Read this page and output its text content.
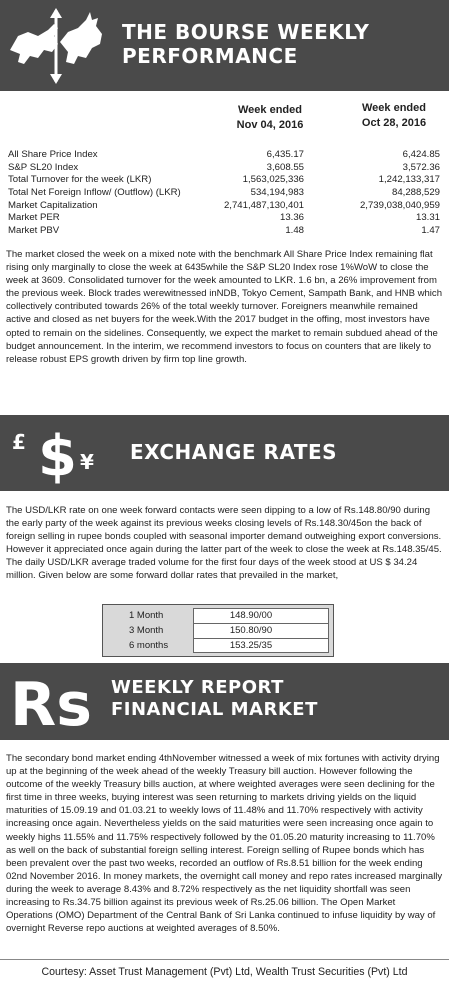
THE BOURSE WEEKLY
PERFORMANCE
Week ended
Nov 04, 2016
Week ended
Oct 28, 2016
All Share Price Index	6,435.17	6,424.85
S&P SL20 Index	3,608.55	3,572.36
Total Turnover for the week (LKR)	1,563,025,336	1,242,133,317
Total Net Foreign Inflow/ (Outflow) (LKR)	534,194,983	84,288,529
Market Capitalization	2,741,487,130,401	2,739,038,040,959
Market PER	13.36	13.31
Market PBV	1.48	1.47
The market closed the week on a mixed note with the benchmark All Share Price Index remaining flat rising only marginally to close the week at 6435while the S&P SL20 Index rose 1%WoW to close the week at 3609. Consolidated turnover for the week amounted to LKR. 1.6 bn, a 26% improvement from the previous week. Block trades werewitnessed inNDB, Tokyo Cement, Sampath Bank, and HNB which collectively contributed towards 26% of the total weekly turnover. Foreigners meanwhile remained active and closed as net buyers for the week.With the 2017 budget in the offing, most investors have opted to remain on the sidelines. Consequently, we expect the market to remain subdued ahead of the budget announcement. In the interim, we recommend investors to focus on counters that are likely to release robust EPS growth driven by firm top line growth.
£ $ ¥ EXCHANGE RATES
The USD/LKR rate on one week forward contacts were seen dipping to a low of Rs.148.80/90 during the early party of the week against its previous weeks closing levels of Rs.148.30/45on the back of foreign selling in rupee bonds coupled with seasonal importer demand outweighing export conversions. However it appreciated once again during the latter part of the week to close the week at Rs.148.35/45. The daily USD/LKR average traded volume for the first four days of the week stood at US $ 34.24 million. Given below are some forward dollar rates that prevailed in the market,
1 Month	148.90/00
3 Month	150.80/90
6 months	153.25/35
Rs WEEKLY REPORT
FINANCIAL MARKET
The secondary bond market ending 4thNovember witnessed a week of mix fortunes with activity drying up at the beginning of the week ahead of the weekly Treasury bill auction. However following the outcome of the weekly Treasury bills auction, at where weighted averages were seen declining for the first time in three weeks, buying interest was seen returning to markets driving yields on the liquid maturities of 15.09.19 and 01.03.21 to weekly lows of 11.48% and 11.70% respectively with activity increasing once again. Nevertheless yields on the said maturities were seen increasing once again to weekly highs 11.55% and 11.75% respectively followed by the 01.05.20 maturity increasing to 11.70% as well on the back of substantial foreign selling interest. Foreign selling of Rupee bonds which has been prevalent over the past two weeks, recorded an outflow of Rs.8.51 billion for the week ending 02nd November 2016. In money markets, the overnight call money and repo rates increased marginally during the week to average 8.43% and 8.72% respectively as the net liquidity shortfall was seen increasing to Rs.34.75 billion against its previous week of Rs.25.06 billion. The Open Market Operations (OMO) Department of the Central Bank of Sri Lanka continued to infuse liquidity by way of overnight Reverse repo auctions at weighted averages of 8.50%.
Courtesy: Asset Trust Management (Pvt) Ltd, Wealth Trust Securities (Pvt) Ltd
